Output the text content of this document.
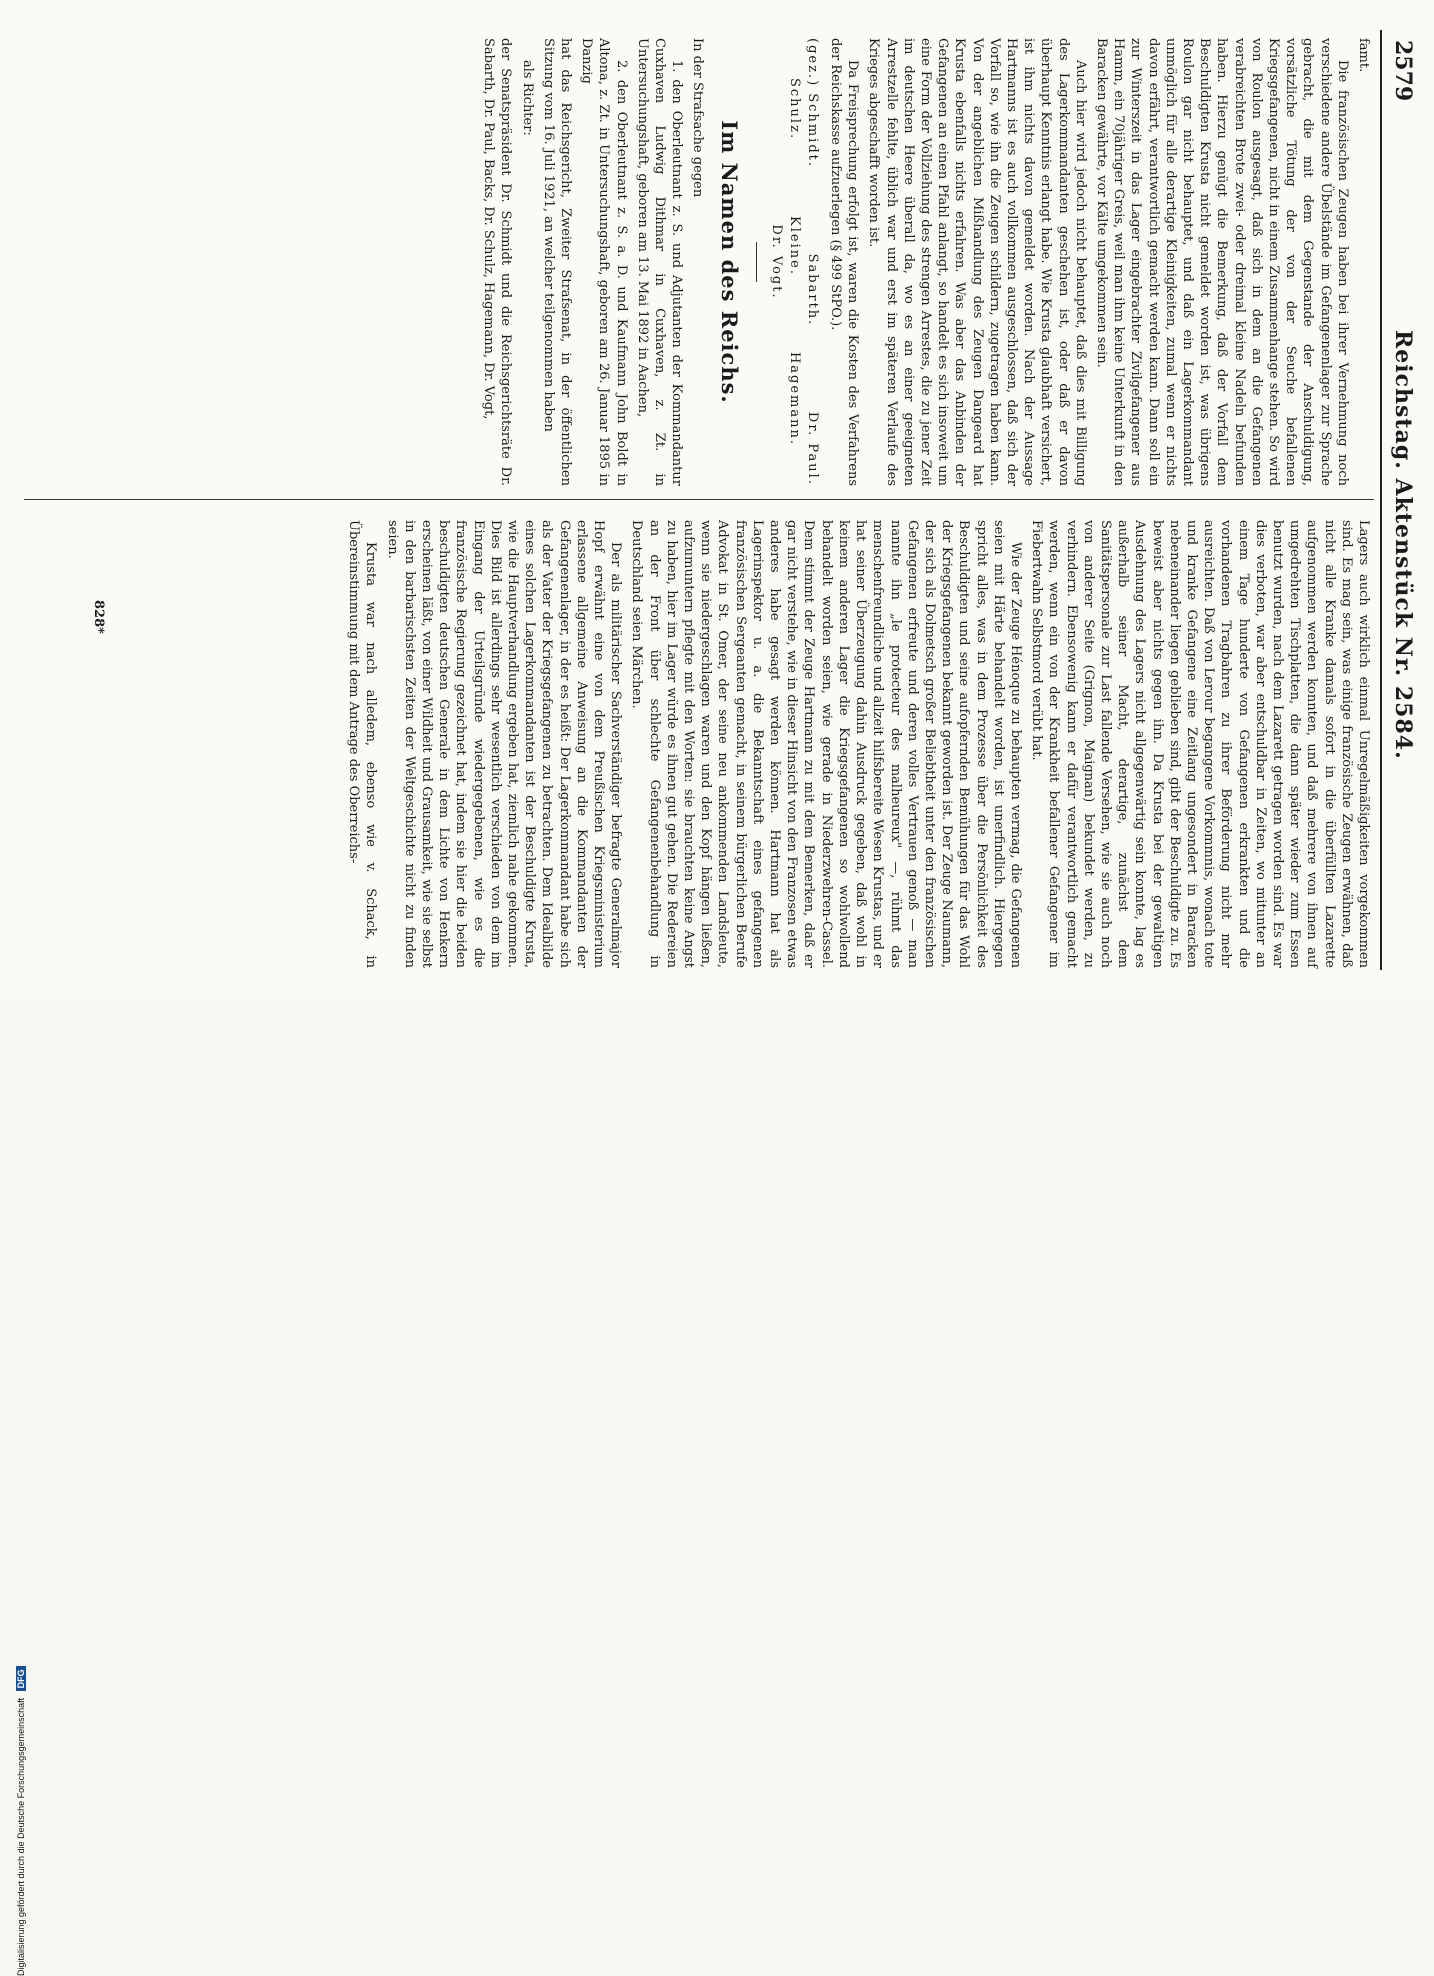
2579
Reichstag. Aktenstück Nr. 2584.

famt.

Die französischen Zeugen haben bei ihrer Vernehmung noch verschiedene andere Übelstände im Gefangenenlager zur Sprache gebracht, die mit dem Gegenstande der Anschuldigung, vorsätzliche Tötung der von der Seuche befallenen Kriegsgefangenen, nicht in einem Zusammenhange stehen. So wird von Roulon ausgesagt, daß sich in dem an die Gefangenen verabreichten Brote zwei- oder dreimal kleine Nadeln befunden haben. Hierzu genügt die Bemerkung, daß der Vorfall dem Beschuldigten Krusta nicht gemeldet worden ist, was übrigens Roulon gar nicht behauptet, und daß ein Lagerkommandant unmöglich für alle derartige Kleinigkeiten, zumal wenn er nichts davon erfährt, verantwortlich gemacht werden kann. Dann soll ein zur Winterszeit in das Lager eingebrachter Zivilgefangener aus Hamm, ein 70jähriger Greis, weil man ihm keine Unterkunft in den Baracken gewährte, vor Kälte umgekommen sein.

Auch hier wird jedoch nicht behauptet, daß dies mit Billigung des Lagerkommandanten geschehen ist, oder daß er davon überhaupt Kenntnis erlangt habe. Wie Krusta glaubhaft versichert, ist ihm nichts davon gemeldet worden. Nach der Aussage Hartmanns ist es auch vollkommen ausgeschlossen, daß sich der Vorfall so, wie ihn die Zeugen schildern, zugetragen haben kann. Von der angeblichen Mißhandlung des Zeugen Dangeard hat Krusta ebenfalls nichts erfahren. Was aber das Anbinden der Gefangenen an einen Pfahl anlangt, so handelt es sich insoweit um eine Form der Vollziehung des strengen Arrestes, die zu jener Zeit im deutschen Heere überall da, wo es an einer geeigneten Arrestzelle fehlte, üblich war und erst im späteren Verlaufe des Krieges abgeschafft worden ist.

Da Freisprechung erfolgt ist, waren die Kosten des Verfahrens der Reichskasse aufzuerlegen (§ 499 StPO.).

(gez.) Schmidt.
Sabarth.
Dr. Paul.
Schulz.
Kleine.
Hagemann.
Dr. Vogt.
Im Namen des Reichs.

In der Strafsache gegen

1. den Oberleutnant z. S. und Adjutanten der Kommandantur Cuxhaven Ludwig Dithmar in Cuxhaven, z. Zt. in Untersuchungshaft, geboren am 13. Mai 1892 in Aachen,

2. den Oberleutnant z. S. a. D. und Kaufmann John Boldt in Altona, z. Zt. in Untersuchungshaft, geboren am 26. Januar 1895 in Danzig

hat das Reichsgericht, Zweiter Strafsenat, in der öffentlichen Sitzung vom 16. Juli 1921, an welcher teilgenommen haben

als Richter:

der Senatspräsident Dr. Schmidt und die Reichsgerichtsräte Dr. Sabarth, Dr. Paul, Backs, Dr. Schulz, Hagemann, Dr. Vogt,

Lagers auch wirklich einmal Unregelmäßigkeiten vorgekommen sind. Es mag sein, was einige französische Zeugen erwähnen, daß nicht alle Kranke damals sofort in die überfüllten Lazarette aufgenommen werden konnten, und daß mehrere von ihnen auf umgedrehten Tischplatten, die dann später wieder zum Essen benutzt wurden, nach dem Lazarett getragen worden sind. Es war dies verboten, war aber entschuldbar in Zeiten, wo mitunter an einem Tage hunderte von Gefangenen erkrankten und die vorhandenen Tragbahren zu ihrer Beförderung nicht mehr ausreichten. Daß von Lerour begangene Vorkommnis, wonach tote und kranke Gefangene eine Zeitlang ungesondert in Baracken nebeneinander liegen geblieben sind, gibt der Beschuldigte zu. Es beweist aber nichts gegen ihn. Da Krusta bei der gewaltigen Ausdehnung des Lagers nicht allgegenwärtig sein konnte, lag es außerhalb seiner Macht, derartige, zunächst dem Sanitätspersonale zur Last fallende Versehen, wie sie auch noch von anderer Seite (Grignon, Maignan) bekundet werden, zu verhindern. Ebensowenig kann er dafür verantwortlich gemacht werden, wenn ein von der Krankheit befallener Gefangener im Fiebertwahn Selbstmord verübt hat.

Wie der Zeuge Hénoque zu behaupten vermag, die Gefangenen seien mit Härte behandelt worden, ist unerfindlich. Hiergegen spricht alles, was in dem Prozesse über die Persönlichkeit des Beschuldigten und seine aufopfernden Bemühungen für das Wohl der Kriegsgefangenen bekannt geworden ist. Der Zeuge Naumann, der sich als Dolmetsch großer Beliebtheit unter den französischen Gefangenen erfreute und deren volles Vertrauen genoß — man nannte ihn „le protecteur des malheureux" —, rühmt das menschenfreundliche und allzeit hilfsbereite Wesen Krustas, und er hat seiner Überzeugung dahin Ausdruck gegeben, daß wohl in keinem anderen Lager die Kriegsgefangenen so wohlwollend behandelt worden seien, wie gerade in Niederzwehren-Cassel. Dem stimmt der Zeuge Hartmann zu mit dem Bemerken, daß er gar nicht verstehe, wie in dieser Hinsicht von den Franzosen etwas anderes habe gesagt werden können. Hartmann hat als Lagerinspektor u. a. die Bekanntschaft eines gefangenen französischen Sergeanten gemacht, in seinem bürgerlichen Berufe Advokat in St. Omer, der seine neu ankommenden Landsleute, wenn sie niedergeschlagen waren und den Kopf hängen ließen, aufzumuntern pflegte mit den Worten: sie brauchten keine Angst zu haben, hier im Lager würde es ihnen gut gehen. Die Redereien an der Front über schlechte Gefangenenbehandlung in Deutschland seien Märchen.

Der als militärischer Sachverständiger befragte Generalmajor Hopf erwähnt eine von dem Preußischen Kriegsministerium erlassene allgemeine Anweisung an die Kommandanten der Gefangenenlager, in der es heißt: Der Lagerkommandant habe sich als der Vater der Kriegsgefangenen zu betrachten. Dem Idealbilde eines solchen Lagerkommandanten ist der Beschuldigte Krusta, wie die Hauptverhandlung ergeben hat, ziemlich nahe gekommen. Dies Bild ist allerdings sehr wesentlich verschieden von dem im Eingang der Urteilsgründe wiedergegebenen, wie es die französische Regierung gezeichnet hat, indem sie hier die beiden beschuldigten deutschen Generale in dem Lichte von Henkern erscheinen läßt, von einer Wildheit und Grausamkeit, wie sie selbst in den barbarischsten Zeiten der Weltgeschichte nicht zu finden seien.

Krusta war nach alledem, ebenso wie v. Schack, in Übereinstimmung mit dem Antrage des Oberreichs-

828*
Digitalisierung gefördert durch die Deutsche Forschungsgemeinschaft DFG
